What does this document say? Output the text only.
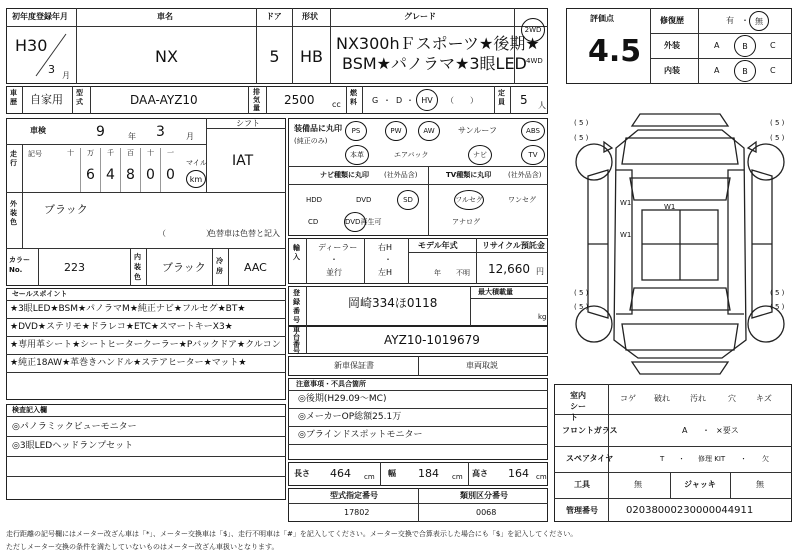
初年度登録年月
H30
3 月
車名
NX
ドア
5
形状
HB
グレード
NX300hＦスポーツ★後期★
BSM★パノラマ★3眼LED
2WD
4WD
評価点
4.5
修復歴	有 ・ 無
外装	A	B	C
内装	A	B	C
車歴 自家用 型式	DAA-AYZ10
排気量
2500 cc
燃料 G ・ D ・ HV （　　）
定員 5 人
車検	9	年 3	月
シフト
IAT
走行
記号	十 万
6
千
4
百
8
十
0
一
0
マイル
km
外装色
ブラック
（　　　　　）
色替車は色替と記入
カラーNo.	223
内装色
ブラック 冷房 AAC
装備品に丸印
(純正のみ)
PS	PW	AW	サンルーフ	ABS
本革	エアバック	ナビ	TV
ナビ種類に丸印 (社外品含)
HDD	DVD	SD
CD	DVD再生可
TV種類に丸印 (社外品含)
フルセグ	ワンセグ
アナログ
輸入
ディーラー
・
並行
右H
・
左H
モデル年式
年 不明
リサイクル預託金
12,660 円
登録番号
岡崎334ほ0118
最大積載量
kg
車台番号
AYZ10-1019679
新車保証書	車両取説
セールスポイント
★3眼LED★BSM★パノラマM★純正ナビ★フルセグ★BT★
★DVD★ステリモ★ドラレコ★ETC★スマートキーX3★
★専用革シート★シートヒータークーラー★Pバックドア★クルコン
★純正18AW★革巻きハンドル★ステアヒーター★マット★
検査記入欄
◎パノラミックビューモニター
◎3眼LEDヘッドランプセット
注意事項・不具合箇所
◎後期(H29.09〜MC)
◎メーカーOP総額25.1万
◎ブラインドスポットモニター
長さ 464 cm 幅 184 cm 高さ 164 cm
型式指定番号
17802
類別区分番号
0068
W1	W1
W1
( 5 )	( 5 )
( 5 )	( 5 )
( 5 )	( 5 )
( 5 )	( 5 )
室内シート
コゲ 破れ	汚れ	穴	キズ
フロントガラス	A ・ ×要ス
スペアタイヤ	T ・ 修理 KIT ・ 欠
工具	無	ジャッキ	無
管理番号	02038000230000044911
走行距離の記号欄にはメーター改ざん車は「*」、メーター交換車は「$」、走行不明車は「#」を記入してください。メーター交換で合算表示した場合にも「$」を記入してください。
ただしメーター交換の条件を満たしていないものはメーター改ざん車扱いとなります。
